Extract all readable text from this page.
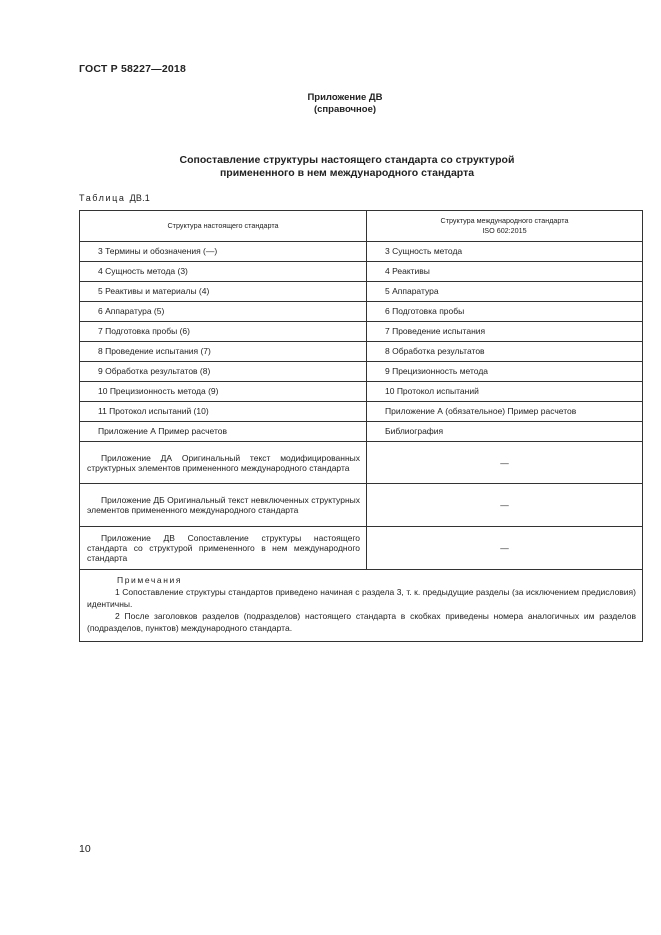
ГОСТ Р 58227—2018
Приложение ДВ
(справочное)
Сопоставление структуры настоящего стандарта со структурой
примененного в нем международного стандарта
Таблица ДВ.1
Структура настоящего стандарта	Структура международного стандарта
ISO 602:2015

3 Термины и обозначения (—)	3 Сущность метода
4 Сущность метода (3)	4 Реактивы
5 Реактивы и материалы (4)	5 Аппаратура
6 Аппаратура (5)	6 Подготовка пробы
7 Подготовка пробы (6)	7 Проведение испытания
8 Проведение испытания (7)	8 Обработка результатов
9 Обработка результатов (8)	9 Прецизионность метода
10 Прецизионность метода (9)	10 Протокол испытаний
11 Протокол испытаний (10)	Приложение А (обязательное) Пример расчетов
Приложение А Пример расчетов	Библиография
Приложение ДА Оригинальный текст модифицированных структурных элементов примененного международного стандарта	—
Приложение ДБ Оригинальный текст невключенных структурных элементов примененного международного стандарта	—
Приложение ДВ Сопоставление структуры настоящего стандарта со структурой примененного в нем международного стандарта	—

Примечания
1 Сопоставление структуры стандартов приведено начиная с раздела 3, т. к. предыдущие разделы (за исключением предисловия) идентичны.
2 После заголовков разделов (подразделов) настоящего стандарта в скобках приведены номера аналогичных им разделов (подразделов, пунктов) международного стандарта.	
10
